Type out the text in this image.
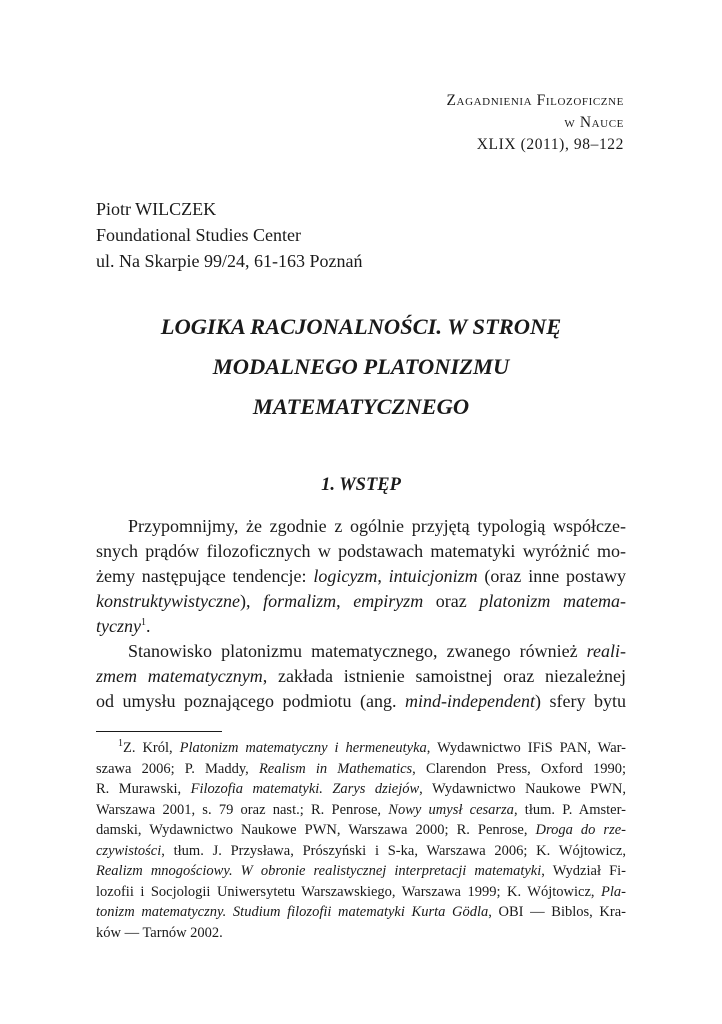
Zagadnienia Filozoficzne
w Nauce
XLIX (2011), 98–122
Piotr WILCZEK
Foundational Studies Center
ul. Na Skarpie 99/24, 61-163 Poznań
LOGIKA RACJONALNOŚCI. W STRONĘ
MODALNEGO PLATONIZMU
MATEMATYCZNEGO
1. WSTĘP
Przypomnijmy, że zgodnie z ogólnie przyjętą typologią współcze-
snych prądów filozoficznych w podstawach matematyki wyróżnić mo-
żemy następujące tendencje: logicyzm, intuicjonizm (oraz inne postawy
konstruktywistyczne), formalizm, empiryzm oraz platonizm matema-
tyczny$^1$.
Stanowisko platonizmu matematycznego, zwanego również reali-
zmem matematycznym, zakłada istnienie samoistnej oraz niezależnej
od umysłu poznającego podmiotu (ang. mind-independent) sfery bytu
$^1$Z. Król, Platonizm matematyczny i hermeneutyka, Wydawnictwo IFiS PAN, War-
szawa 2006; P. Maddy, Realism in Mathematics, Clarendon Press, Oxford 1990;
R. Murawski, Filozofia matematyki. Zarys dziejów, Wydawnictwo Naukowe PWN,
Warszawa 2001, s. 79 oraz nast.; R. Penrose, Nowy umysł cesarza, tłum. P. Amster-
damski, Wydawnictwo Naukowe PWN, Warszawa 2000; R. Penrose, Droga do rze-
czywistości, tłum. J. Przysława, Prószyński i S-ka, Warszawa 2006; K. Wójtowicz,
Realizm mnogościowy. W obronie realistycznej interpretacji matematyki, Wydział Fi-
lozofii i Socjologii Uniwersytetu Warszawskiego, Warszawa 1999; K. Wójtowicz, Pla-
tonizm matematyczny. Studium filozofii matematyki Kurta Gödla, OBI — Biblos, Kra-
ków — Tarnów 2002.
